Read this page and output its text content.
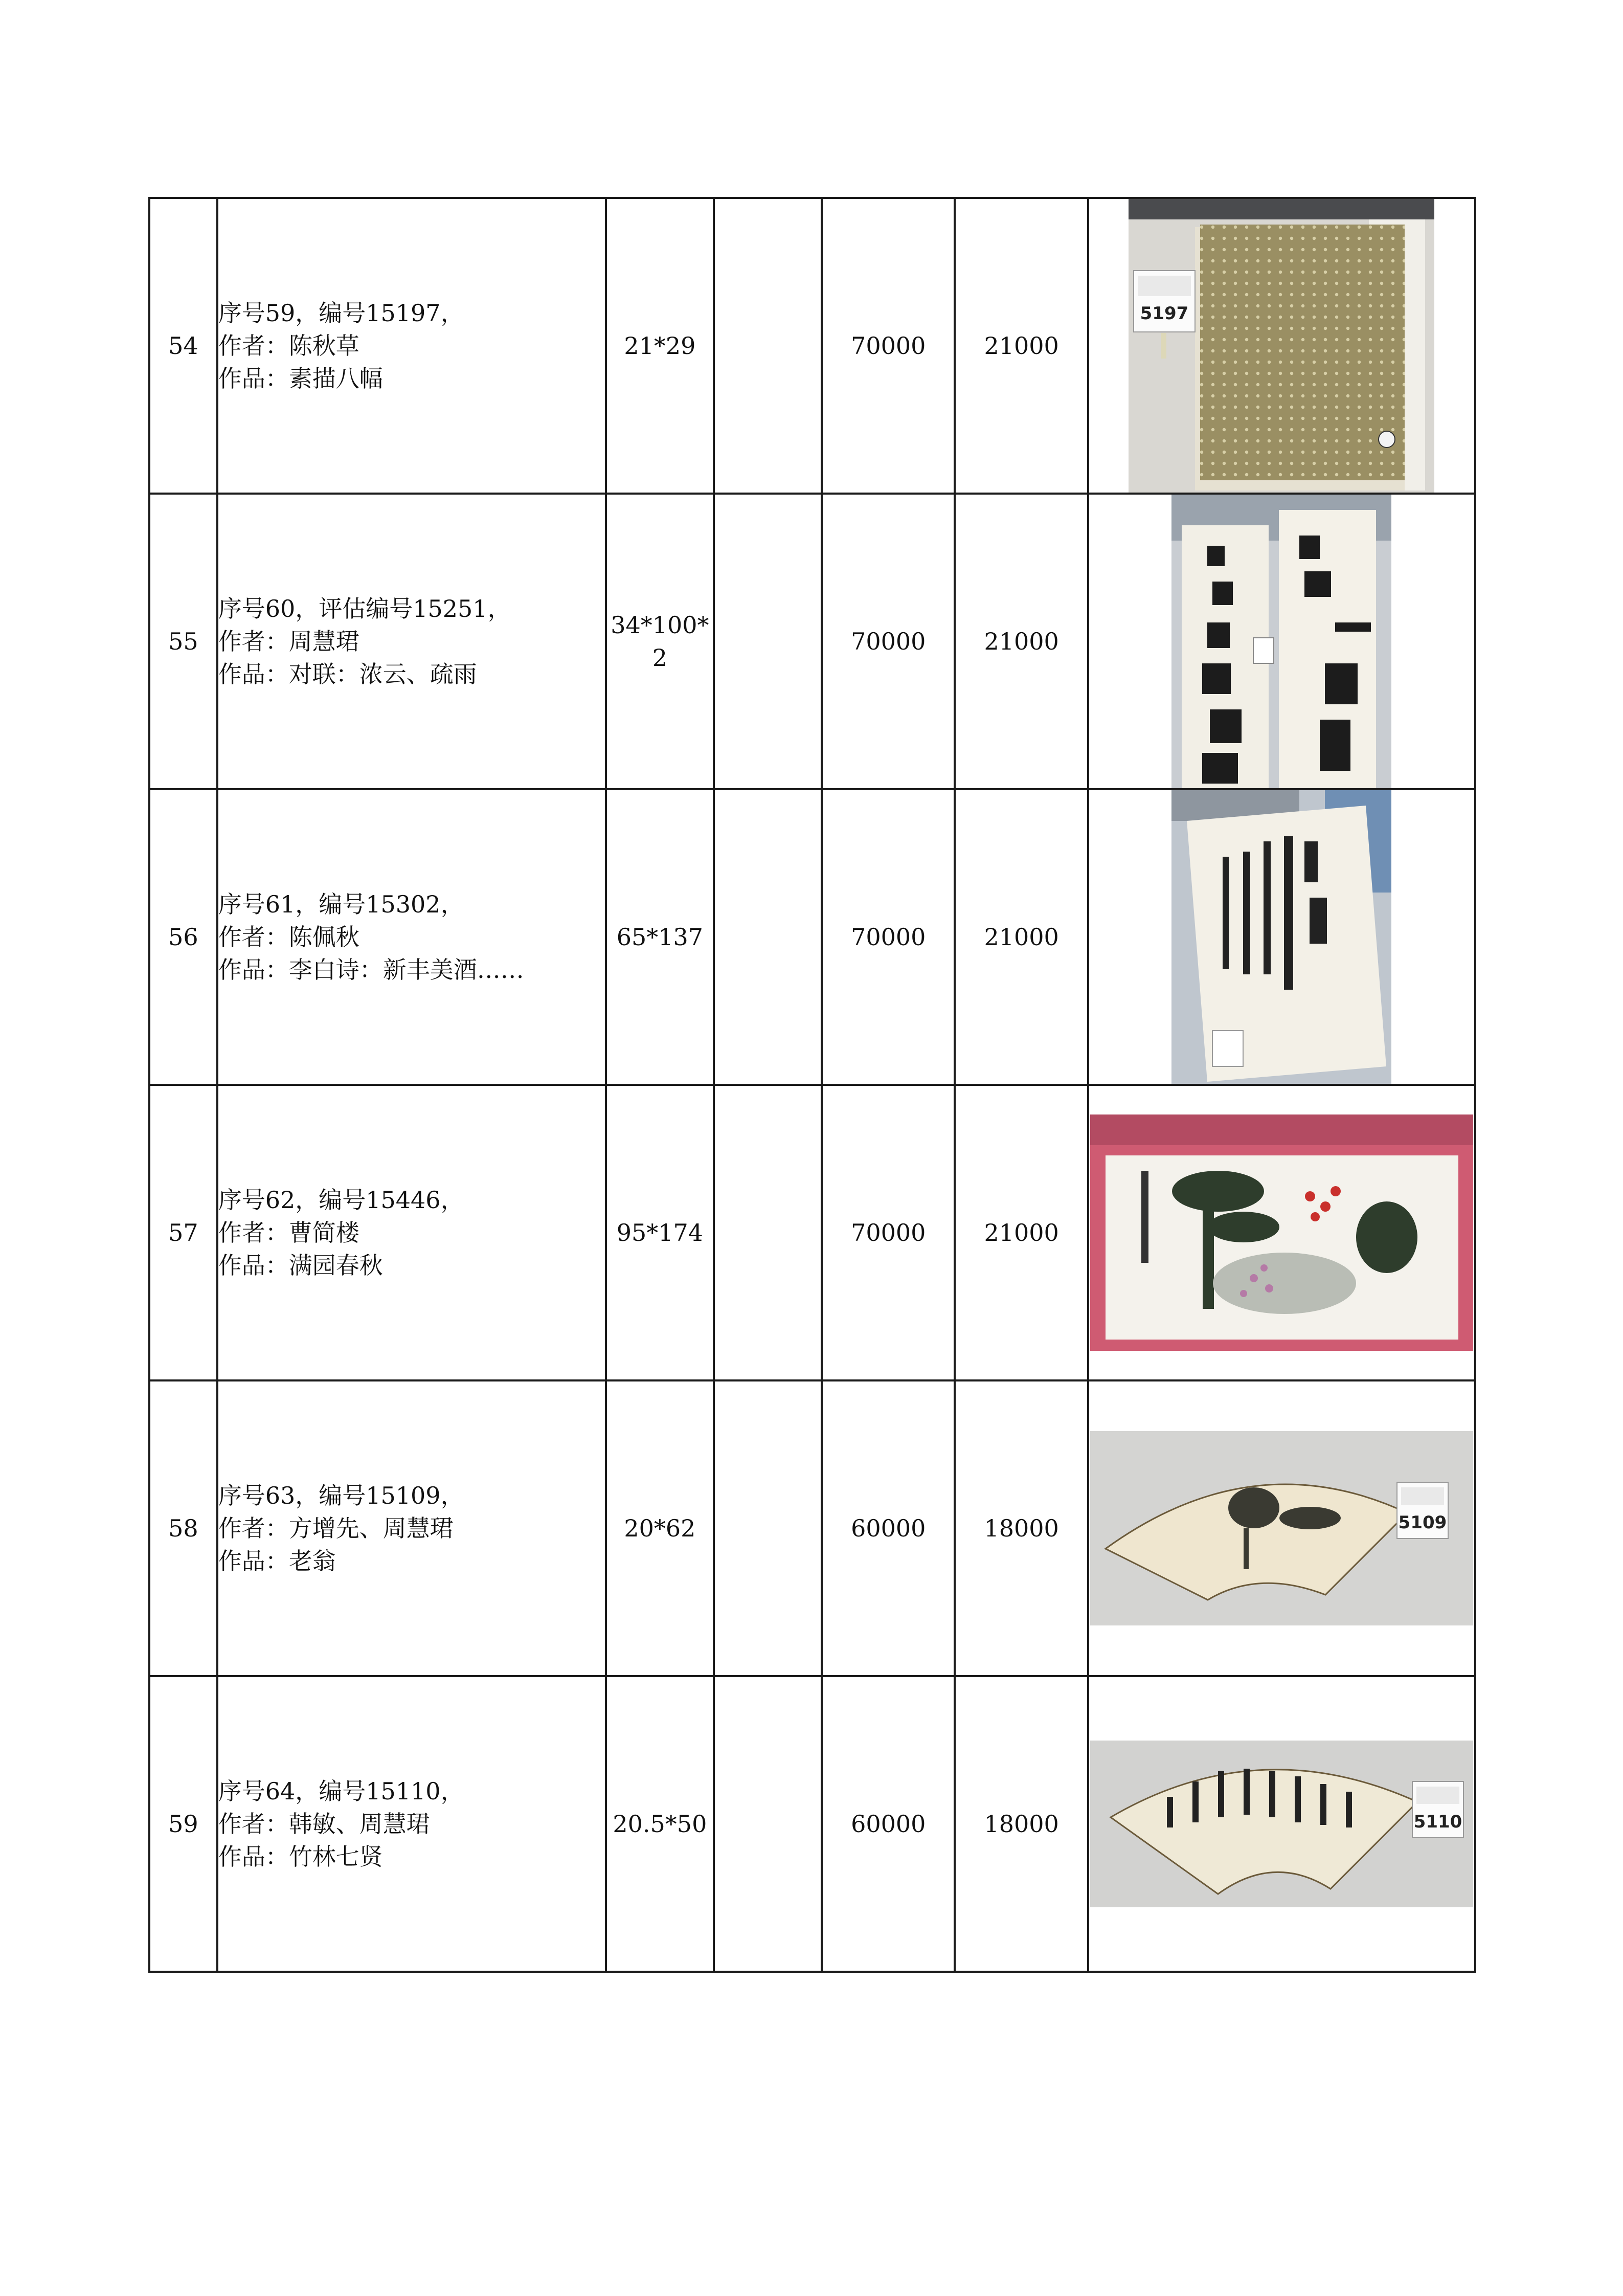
54	序号59，编号15197，
作者：陈秋草
作品：素描八幅	21*29		70000	21000	5197

55	序号60，评估编号15251，
作者：周慧珺
作品：对联：浓云、疏雨	34*100*2		70000	21000	

56	序号61，编号15302，
作者：陈佩秋
作品：李白诗：新丰美酒……	65*137		70000	21000	

57	序号62，编号15446，
作者：曹简楼
作品：满园春秋	95*174		70000	21000	

58	序号63，编号15109，
作者：方增先、周慧珺
作品：老翁	20*62		60000	18000	5109

59	序号64，编号15110，
作者：韩敏、周慧珺
作品：竹林七贤	20.5*50		60000	18000	5110
